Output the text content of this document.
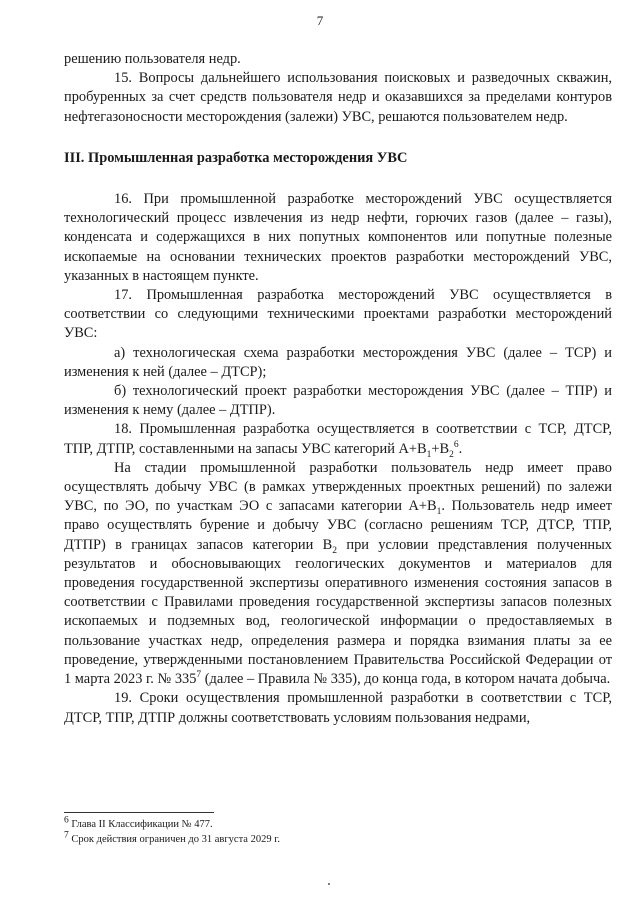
7

решению пользователя недр.

15. Вопросы дальнейшего использования поисковых и разведочных скважин, пробуренных за счет средств пользователя недр и оказавшихся за пределами контуров нефтегазоносности месторождения (залежи) УВС, решаются пользователем недр.

III. Промышленная разработка месторождения УВС

16. При промышленной разработке месторождений УВС осуществляется технологический процесс извлечения из недр нефти, горючих газов (далее – газы), конденсата и содержащихся в них попутных компонентов или попутные полезные ископаемые на основании технических проектов разработки месторождений УВС, указанных в настоящем пункте.

17. Промышленная разработка месторождений УВС осуществляется в соответствии со следующими техническими проектами разработки месторождений УВС:

а) технологическая схема разработки месторождения УВС (далее – ТСР) и изменения к ней (далее – ДТСР);

б) технологический проект разработки месторождения УВС (далее – ТПР) и изменения к нему (далее – ДТПР).

18. Промышленная разработка осуществляется в соответствии с ТСР, ДТСР, ТПР, ДТПР, составленными на запасы УВС категорий $А+В_1+В_2^6$.

На стадии промышленной разработки пользователь недр имеет право осуществлять добычу УВС (в рамках утвержденных проектных решений) по залежи УВС, по ЭО, по участкам ЭО с запасами категории $А+В_1$. Пользователь недр имеет право осуществлять бурение и добычу УВС (согласно решениям ТСР, ДТСР, ТПР, ДТПР) в границах запасов категории $В_2$ при условии представления полученных результатов и обосновывающих геологических документов и материалов для проведения государственной экспертизы оперативного изменения состояния запасов в соответствии с Правилами проведения государственной экспертизы запасов полезных ископаемых и подземных вод, геологической информации о предоставляемых в пользование участках недр, определения размера и порядка взимания платы за ее проведение, утвержденными постановлением Правительства Российской Федерации от 1 марта 2023 г. № $335^7$ (далее – Правила № 335), до конца года, в котором начата добыча.

19. Сроки осуществления промышленной разработки в соответствии с ТСР, ДТСР, ТПР, ДТПР должны соответствовать условиям пользования недрами,

$^6$ Глава II Классификации № 477.
$^7$ Срок действия ограничен до 31 августа 2029 г.
